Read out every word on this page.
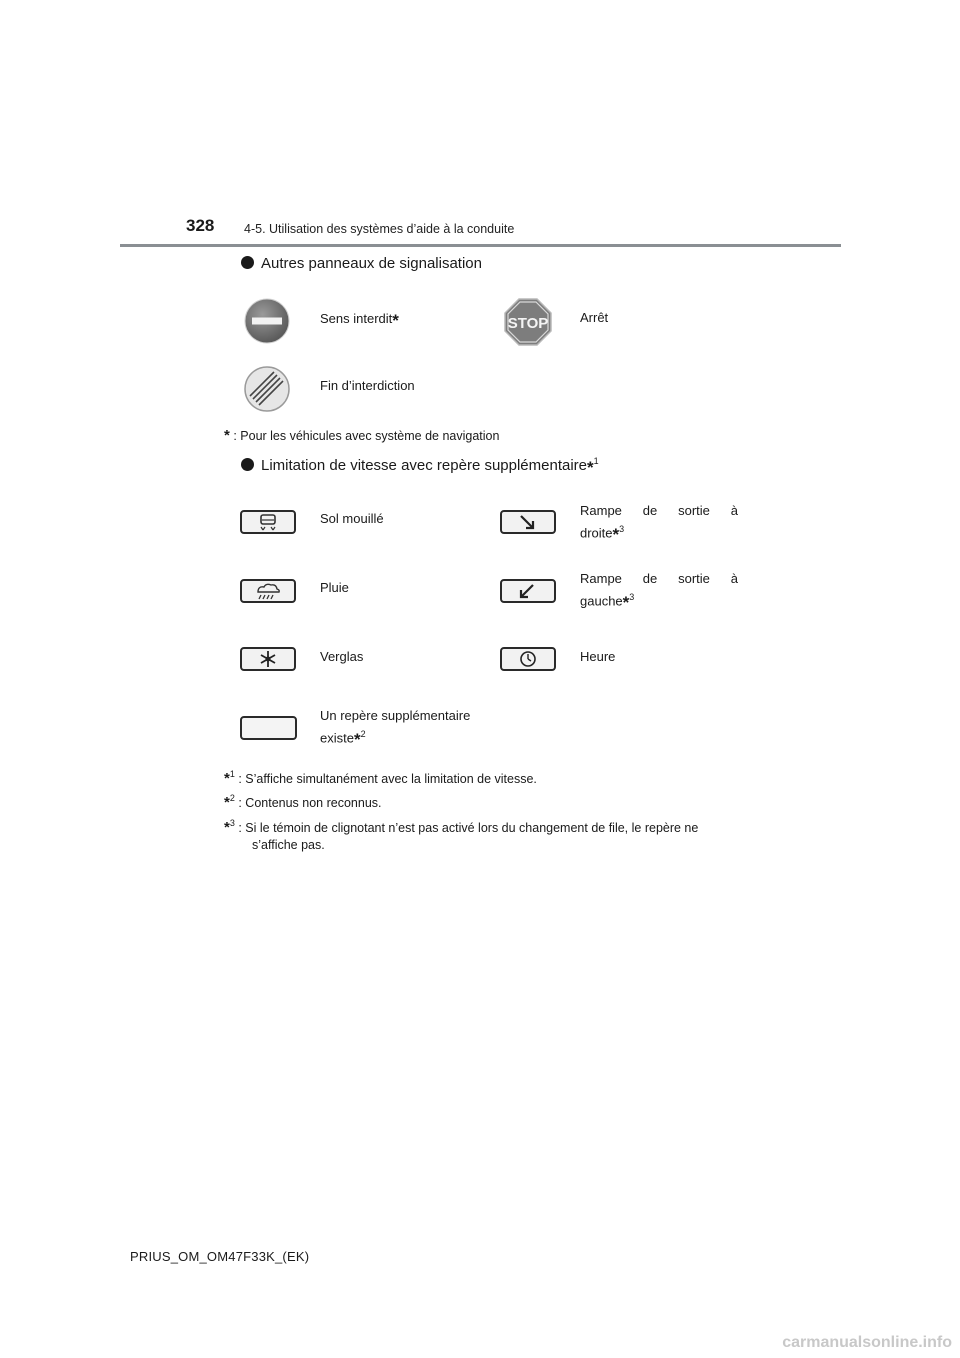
328 4-5. Utilisation des systèmes d’aide à la conduite
Autres panneaux de signalisation
Sens interdit*	STOP Arrêt
Fin d’interdiction
* : Pour les véhicules avec système de navigation
Limitation de vitesse avec repère supplémentaire*$^1$
Sol mouillé
Rampe de sortie à
droite*$^3$
Pluie
Rampe de sortie à
gauche*$^3$
Verglas	Heure
Un repère supplémentaire
existe*$^2$
*$^1$ : S’affiche simultanément avec la limitation de vitesse.
*$^2$ : Contenus non reconnus.
*$^3$ : Si le témoin de clignotant n’est pas activé lors du changement de file, le repère ne
s’affiche pas.
PRIUS_OM_OM47F33K_(EK)
carmanualsonline.info
